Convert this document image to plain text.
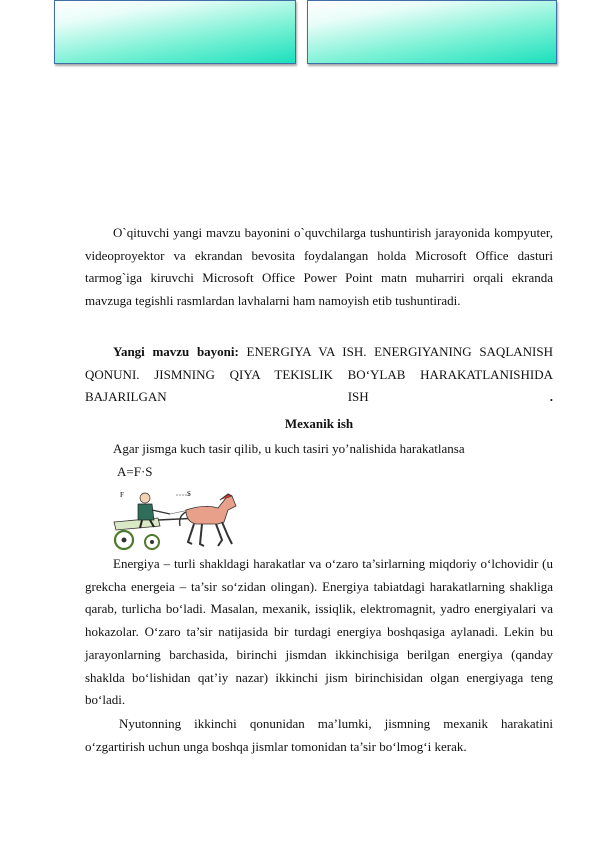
O`qituvchi yangi mavzu bayonini o`quvchilarga tushuntirish jarayonida kompyuter, videoproyektor va ekrandan bevosita foydalangan holda Microsoft Office dasturi tarmog`iga kiruvchi Microsoft Office Power Point matn muharriri orqali ekranda mavzuga tegishli rasmlardan lavhalarni ham namoyish etib tushuntiradi.

Yangi mavzu bayoni: ENERGIYA VA ISH. ENERGIYANING SAQLANISH QONUNI. JISMNING QIYA TEKISLIK BO‘YLAB HARAKATLANISHIDA BAJARILGAN ISH	.

Mexanik ish
Agar jismga kuch tasir qilib, u kuch tasiri yo’nalishida harakatlansa
A=F·S
F	S

Energiya – turli shakldagi harakatlar va o‘zaro ta’sirlarning miqdoriy o‘lchovidir (u grekcha energeia – ta’sir so‘zidan olingan). Energiya tabiatdagi harakatlarning shakliga qarab, turlicha bo‘ladi. Masalan, mexanik, issiqlik, elektromagnit, yadro energiyalari va hokazolar. O‘zaro ta’sir natijasida bir turdagi energiya boshqasiga aylanadi. Lekin bu jarayonlarning barchasida, birinchi jismdan ikkinchisiga berilgan energiya (qanday shaklda bo‘lishidan qat’iy nazar) ikkinchi jism birinchisidan olgan energiyaga teng bo‘ladi.

Nyutonning ikkinchi qonunidan ma’lumki, jismning mexanik harakatini o‘zgartirish uchun unga boshqa jismlar tomonidan ta’sir bo‘lmog‘i kerak.
